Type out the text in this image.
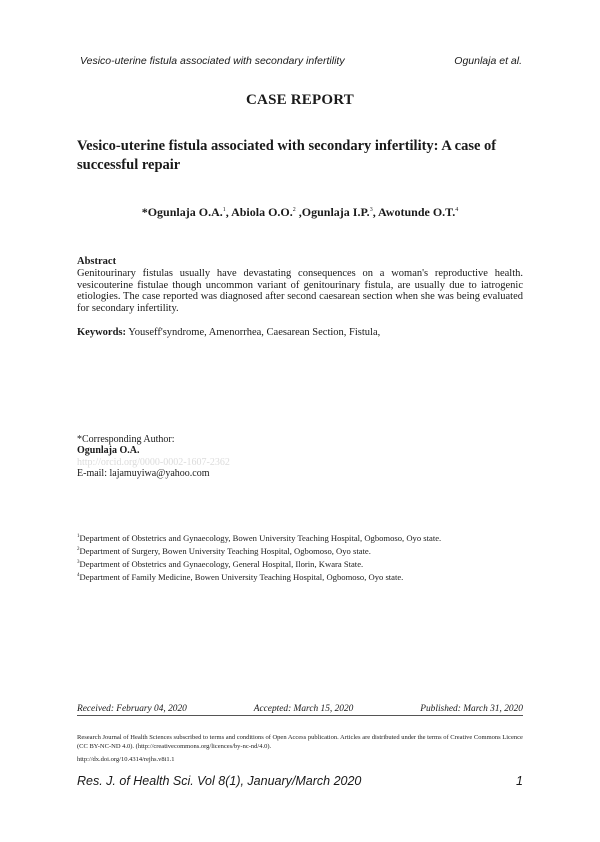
Vesico-uterine fistula associated with secondary infertility	Ogunlaja et al.
CASE REPORT
Vesico-uterine fistula associated with secondary infertility: A case of successful repair
*Ogunlaja O.A.$^1$, Abiola O.O.$^2$ ,Ogunlaja I.P.$^3$, Awotunde O.T.$^4$
Abstract

Genitourinary fistulas usually have devastating consequences on a woman's reproductive health. vesicouterine fistulae though uncommon variant of genitourinary fistula, are usually due to iatrogenic etiologies. The case reported was diagnosed after second caesarean section when she was being evaluated for secondary infertility.

Keywords: Youseff'syndrome, Amenorrhea, Caesarean Section, Fistula,
*Corresponding Author:
Ogunlaja O.A.
http://orcid.org/0000-0002-1607-2362
E-mail: lajamuyiwa@yahoo.com
$^1$Department of Obstetrics and Gynaecology, Bowen University Teaching Hospital, Ogbomoso, Oyo state.
$^2$Department of Surgery, Bowen University Teaching Hospital, Ogbomoso, Oyo state.
$^3$Department of Obstetrics and Gynaecology, General Hospital, Ilorin, Kwara State.
$^4$Department of Family Medicine, Bowen University Teaching Hospital, Ogbomoso, Oyo state.
Received: February 04, 2020	Accepted: March 15, 2020	Published: March 31, 2020
Research Journal of Health Sciences subscribed to terms and conditions of Open Access publication. Articles are distributed under the terms of Creative Commons Licence (CC BY-NC-ND 4.0). (http://creativecommons.org/licences/by-nc-nd/4.0).
http://dx.doi.org/10.4314/rejhs.v8i1.1
Res. J. of Health Sci. Vol 8(1), January/March 2020	1
